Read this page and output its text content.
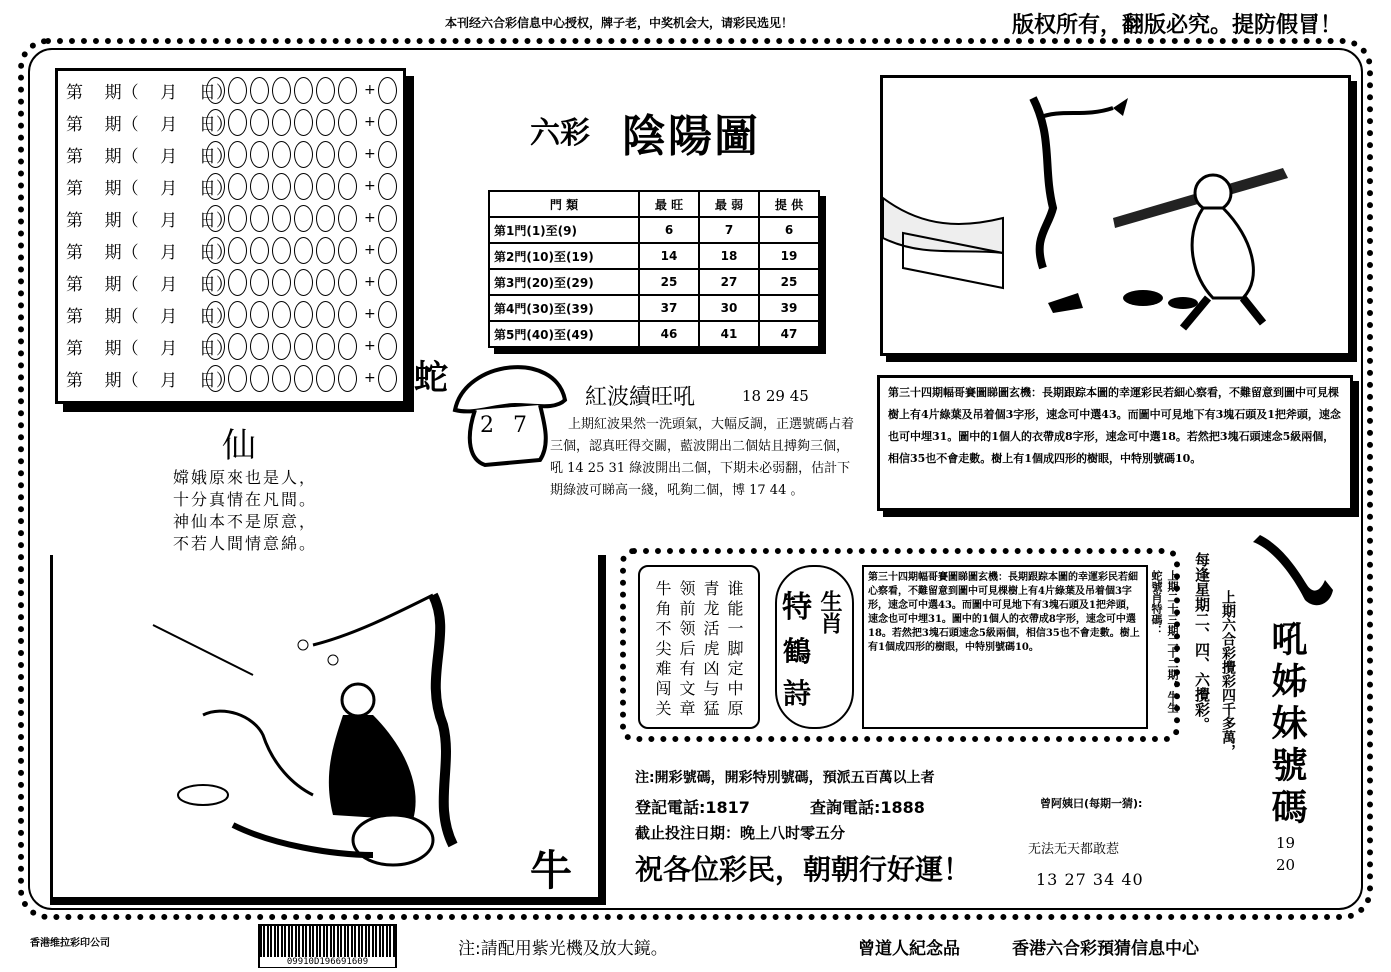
本刊经六合彩信息中心授权，牌子老，中奖机会大，请彩民选见！	版权所有，翻版必究。提防假冒！
第    期（    月    日）	+
第    期（    月    日）	+
第    期（    月    日）	+
第    期（    月    日）	+
第    期（    月    日）	+
第    期（    月    日）	+
第    期（    月    日）	+
第    期（    月    日）	+
第    期（    月    日）	+
第    期（    月    日）	+
六彩 陰陽圖
門 類	最 旺	最 弱	提 供
第1門(1)至(9)	6	7	6
第2門(10)至(19)	14	18	19
第3門(20)至(29)	25	27	25
第4門(30)至(39)	37	30	39
第5門(40)至(49)	46	41	47
蛇
2 7
紅波續旺吼	18 29 45
上期紅波果然一洗頭氣，大幅反調，正選號碼占着三個，認真旺得交關，藍波開出二個姑且搏夠三個，吼 14 25 31 綠波開出二個，下期未必弱翻，估計下期綠波可睇高一綫，吼夠二個，博 17 44 。
第三十四期幅哥賽圖睇圖玄機：長期跟踪本圖的幸運彩民若細心察看，不難留意到圖中可見棵樹上有4片綠葉及吊着個3字形，速念可中選43。而圖中可見地下有3塊石頭及1把斧頭，速念也可中埋31。圖中的1個人的衣帶成8字形，速念可中選18。若然把3塊石頭速念5級兩個，相信35也不會走數。樹上有1個成四形的樹眼，中特別號碼10。
仙
嫦娥原來也是人，
十分真情在凡間。
神仙本不是原意，
不若人間情意綿。
牛
谁能一脚定中原 青龙活虎凶与猛 领前领后有文章 牛角不尖难闯关	特 生肖
鶴
詩
第三十四期幅哥賽圖睇圖玄機：長期跟踪本圖的幸運彩民若細心察看，不難留意到圖中可見棵樹上有4片綠葉及吊着個3字形，速念可中選43。而圖中可見地下有3塊石頭及1把斧頭，速念也可中埋31。圖中的1個人的衣帶成8字形，速念可中選18。若然把3塊石頭速念5級兩個，相信35也不會走數。樹上有1個成四形的樹眼，中特別號碼10。	上期二十三期二十二期：牛生蛇號肖特碼：	每逢星期二、四、六攪彩。 上期六合彩攪彩四千多萬， 吼姊妹號碼
19 20
注:開彩號碼，開彩特別號碼，預派五百萬以上者
登記電話:1817	查詢電話:1888	曾阿姨曰(每期一猜):
截止投注日期：晚上八时零五分
无法无天都敢惹
祝各位彩民，朝朝行好運！	13 27 34 40
香港维拉彩印公司
09910D196691609
注:請配用紫光機及放大鏡。	曾道人紀念品	香港六合彩預猜信息中心
